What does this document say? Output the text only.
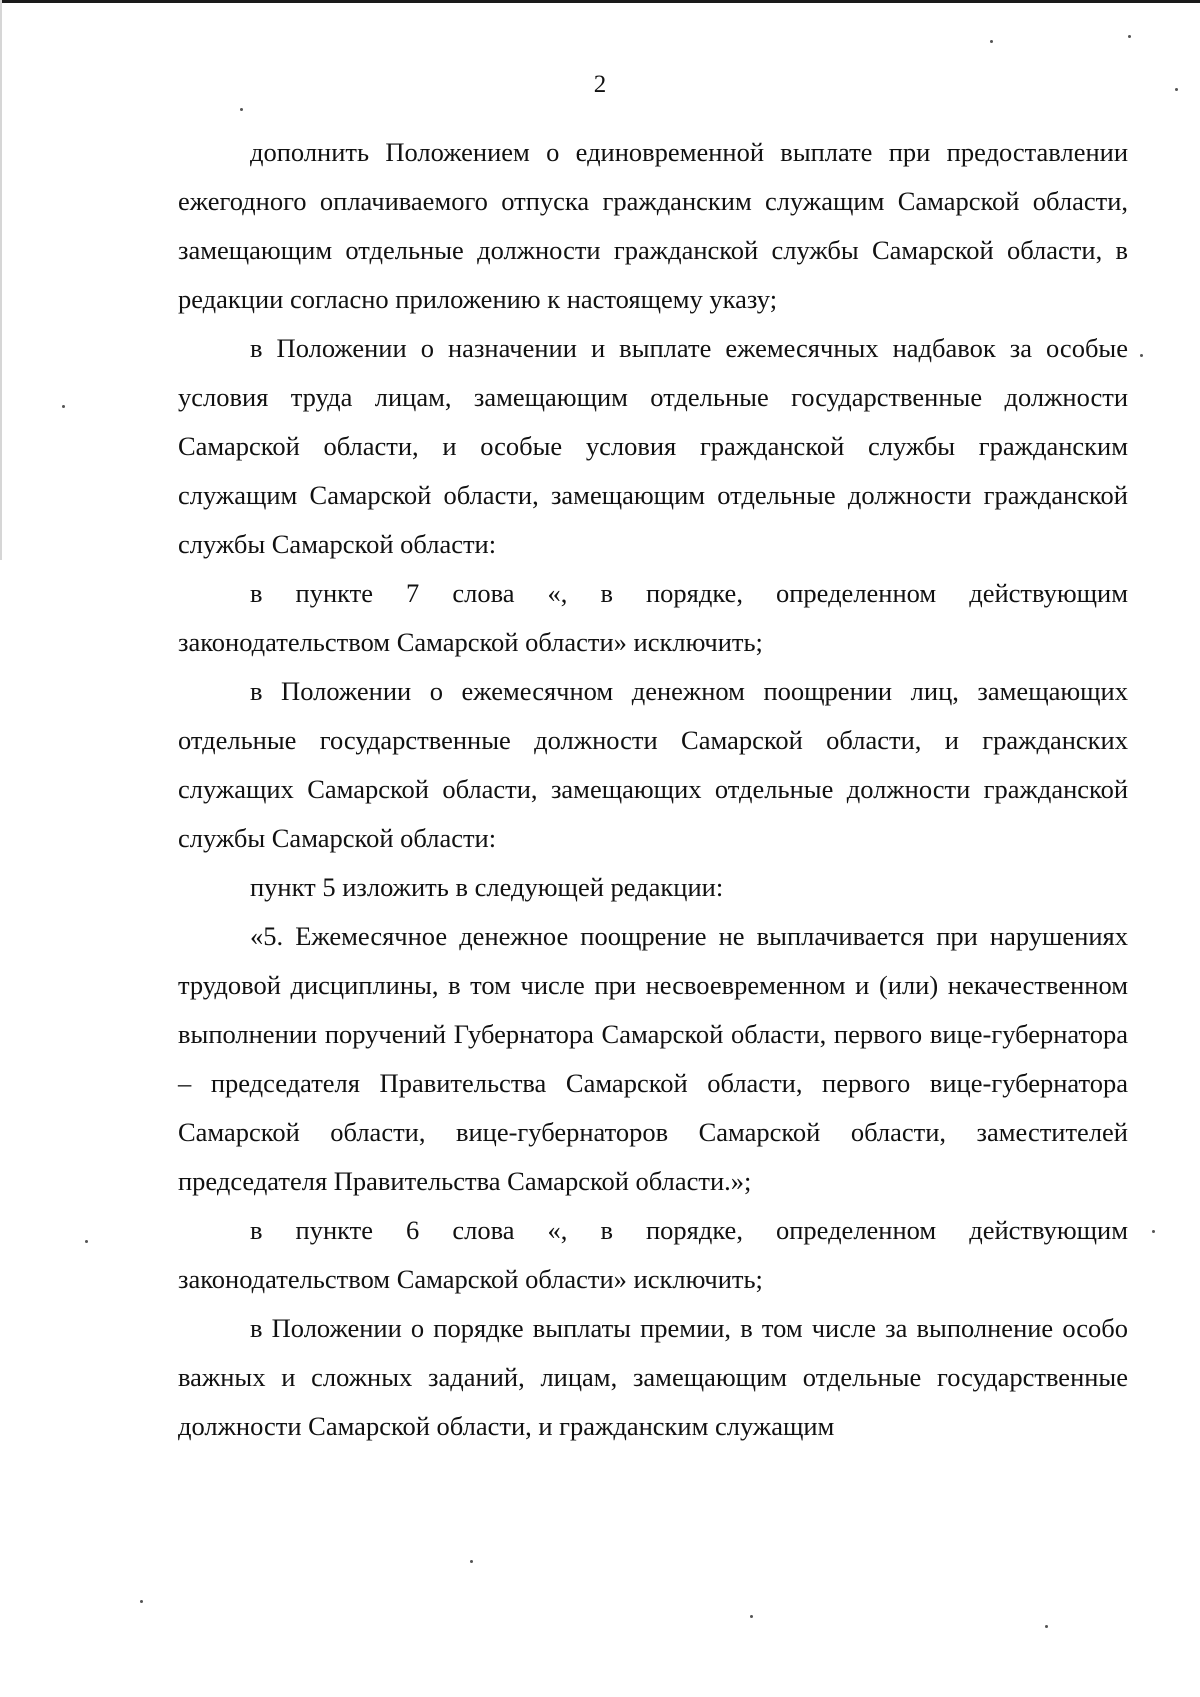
2

дополнить Положением о единовременной выплате при предоставлении ежегодного оплачиваемого отпуска гражданским служащим Самарской области, замещающим отдельные должности гражданской службы Самарской области, в редакции согласно приложению к настоящему указу;

в Положении о назначении и выплате ежемесячных надбавок за особые условия труда лицам, замещающим отдельные государственные должности Самарской области, и особые условия гражданской службы гражданским служащим Самарской области, замещающим отдельные должности гражданской службы Самарской области:

в пункте 7 слова «, в порядке, определенном действующим законодательством Самарской области» исключить;

в Положении о ежемесячном денежном поощрении лиц, замещающих отдельные государственные должности Самарской области, и гражданских служащих Самарской области, замещающих отдельные должности гражданской службы Самарской области:

пункт 5 изложить в следующей редакции:

«5. Ежемесячное денежное поощрение не выплачивается при нарушениях трудовой дисциплины, в том числе при несвоевременном и (или) некачественном выполнении поручений Губернатора Самарской области, первого вице-губернатора – председателя Правительства Самарской области, первого вице-губернатора Самарской области, вице-губернаторов Самарской области, заместителей председателя Правительства Самарской области.»;

в пункте 6 слова «, в порядке, определенном действующим законодательством Самарской области» исключить;

в Положении о порядке выплаты премии, в том числе за выполнение особо важных и сложных заданий, лицам, замещающим отдельные государственные должности Самарской области, и гражданским служащим
